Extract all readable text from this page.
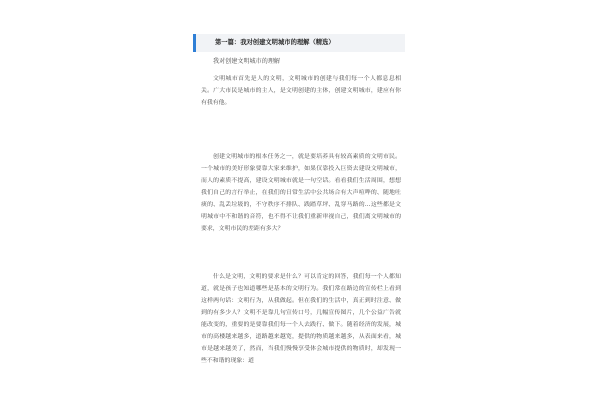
第一篇：我对创建文明城市的理解（精选）
我对创建文明城市的理解

文明城市首先是人的文明，文明城市的创建与我们每一个人都息息相关。广大市民是城市的主人，是文明创建的主体，创建文明城市，建应有你有我有他。

创建文明城市的根本任务之一，就是要培养具有较高素质的文明市民。一个城市的美好形象要靠大家来维护，如果仅靠投入巨资去建设文明城市，而人的素质不提高，建设文明城市就是一句空话。看看我们生活周围，想想我们自己的言行举止，在我们的日常生活中公共场合有大声喧哗的、随地吐痰的、乱丢垃圾的，不守秩序不排队、践踏草坪、乱穿马路的…这些都是文明城市中不和谐的音符，也不得不让我们重新审视自己，我们离文明城市的要求，文明市民的差距有多大？

什么是文明，文明的要求是什么？可以肯定的回答，我们每一个人都知道，就是孩子也知道哪些是基本的文明行为。我们常在路边的宣传栏上看到这样两句话：文明行为，从我做起。但在我们的生活中，真正到时注意、做到的有多少人？文明不是靠几句宣传口号，几幅宣传图片，几个公益广告就能改变的，重要的是要靠我们每一个人去践行、做下。随着经济的发展，城市的高楼越来越多，道路越来越宽，提供的物质越来越多，从表面来看，城市是越来越美了，然而，当我们慢慢享受体会城市提供的物质时，却发现一些不和谐的现象：道
